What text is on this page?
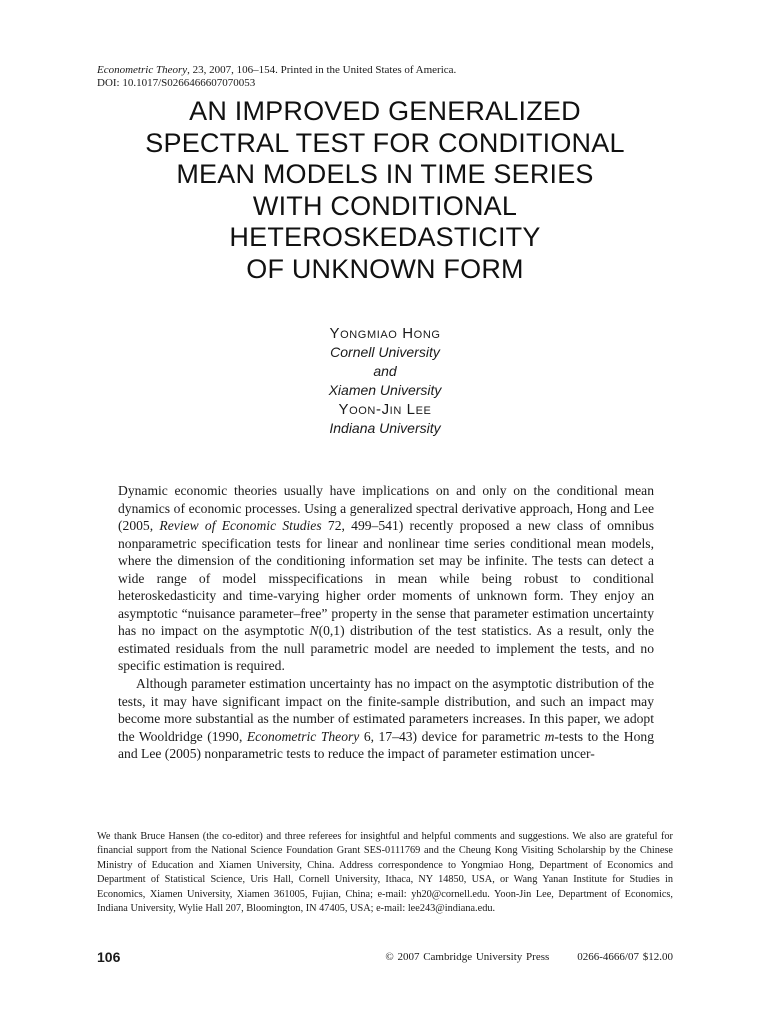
Econometric Theory, 23, 2007, 106–154. Printed in the United States of America.
DOI: 10.1017/S0266466607070053
AN IMPROVED GENERALIZED
SPECTRAL TEST FOR CONDITIONAL
MEAN MODELS IN TIME SERIES
WITH CONDITIONAL
HETEROSKEDASTICITY
OF UNKNOWN FORM
Yongmiao Hong
Cornell University
and
Xiamen University
Yoon-Jin Lee
Indiana University

Dynamic economic theories usually have implications on and only on the conditional mean dynamics of economic processes. Using a generalized spectral derivative approach, Hong and Lee (2005, Review of Economic Studies 72, 499–541) recently proposed a new class of omnibus nonparametric specification tests for linear and nonlinear time series conditional mean models, where the dimension of the conditioning information set may be infinite. The tests can detect a wide range of model misspecifications in mean while being robust to conditional heteroskedasticity and time-varying higher order moments of unknown form. They enjoy an asymptotic “nuisance parameter–free” property in the sense that parameter estimation uncertainty has no impact on the asymptotic N(0,1) distribution of the test statistics. As a result, only the estimated residuals from the null parametric model are needed to implement the tests, and no specific estimation is required.

Although parameter estimation uncertainty has no impact on the asymptotic distribution of the tests, it may have significant impact on the finite-sample distribution, and such an impact may become more substantial as the number of estimated parameters increases. In this paper, we adopt the Wooldridge (1990, Econometric Theory 6, 17–43) device for parametric m-tests to the Hong and Lee (2005) nonparametric tests to reduce the impact of parameter estimation uncer-

We thank Bruce Hansen (the co-editor) and three referees for insightful and helpful comments and suggestions. We also are grateful for financial support from the National Science Foundation Grant SES-0111769 and the Cheung Kong Visiting Scholarship by the Chinese Ministry of Education and Xiamen University, China. Address correspondence to Yongmiao Hong, Department of Economics and Department of Statistical Science, Uris Hall, Cornell University, Ithaca, NY 14850, USA, or Wang Yanan Institute for Studies in Economics, Xiamen University, Xiamen 361005, Fujian, China; e-mail: yh20@cornell.edu. Yoon-Jin Lee, Department of Economics, Indiana University, Wylie Hall 207, Bloomington, IN 47405, USA; e-mail: lee243@indiana.edu.
106	© 2007 Cambridge University Press	0266-4666/07 $12.00
